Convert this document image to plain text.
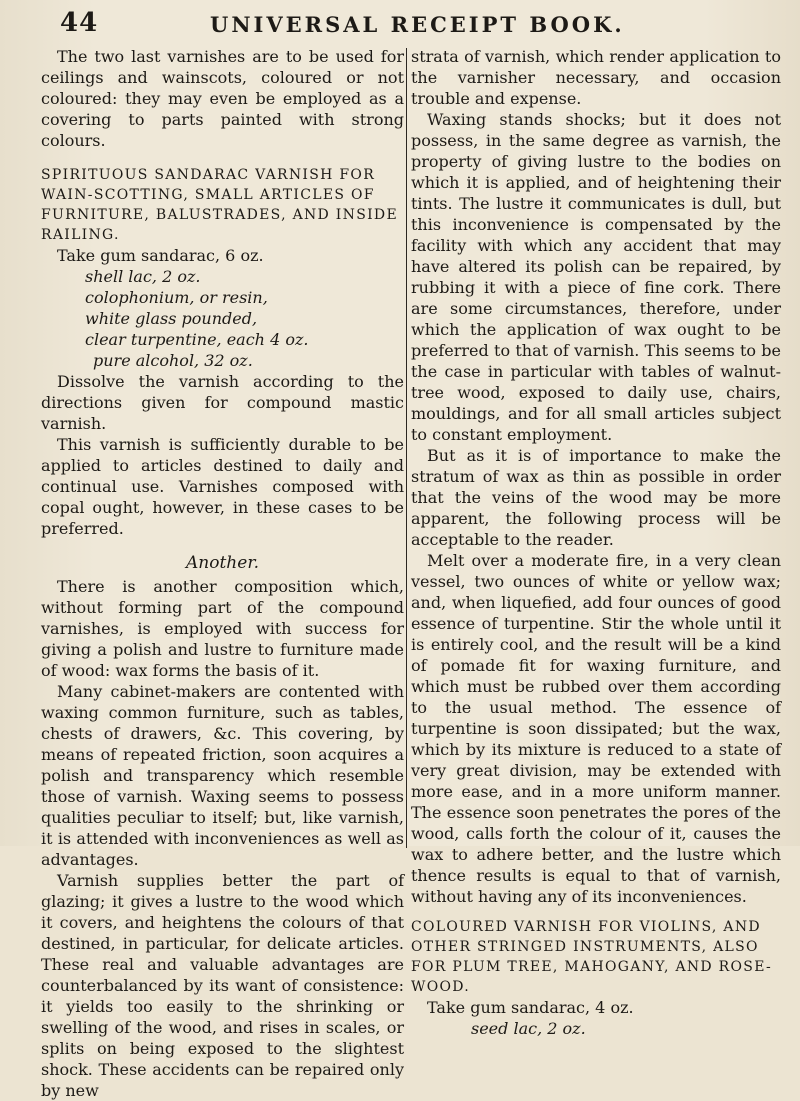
44	UNIVERSAL RECEIPT BOOK.

The two last varnishes are to be used for ceilings and wainscots, coloured or not coloured: they may even be employed as a covering to parts painted with strong colours.

SPIRITUOUS SANDARAC VARNISH FOR WAIN-SCOTTING, SMALL ARTICLES OF FURNITURE, BALUSTRADES, AND INSIDE RAILING.

Take gum sandarac, 6 oz.
shell lac, 2 oz.
colophonium, or resin,
white glass pounded,
clear turpentine, each 4 oz.
pure alcohol, 32 oz.

Dissolve the varnish according to the directions given for compound mastic varnish.

This varnish is sufficiently durable to be applied to articles destined to daily and continual use. Varnishes composed with copal ought, however, in these cases to be preferred.

Another.

There is another composition which, without forming part of the compound varnishes, is employed with success for giving a polish and lustre to furniture made of wood: wax forms the basis of it.

Many cabinet-makers are contented with waxing common furniture, such as tables, chests of drawers, &c. This covering, by means of repeated friction, soon acquires a polish and transparency which resemble those of varnish. Waxing seems to possess qualities peculiar to itself; but, like varnish, it is attended with inconveniences as well as advantages.

Varnish supplies better the part of glazing; it gives a lustre to the wood which it covers, and heightens the colours of that destined, in particular, for delicate articles. These real and valuable advantages are counterbalanced by its want of consistence: it yields too easily to the shrinking or swelling of the wood, and rises in scales, or splits on being exposed to the slightest shock. These accidents can be repaired only by new

strata of varnish, which render application to the varnisher necessary, and occasion trouble and expense.

Waxing stands shocks; but it does not possess, in the same degree as varnish, the property of giving lustre to the bodies on which it is applied, and of heightening their tints. The lustre it communicates is dull, but this inconvenience is compensated by the facility with which any accident that may have altered its polish can be repaired, by rubbing it with a piece of fine cork. There are some circumstances, therefore, under which the application of wax ought to be preferred to that of varnish. This seems to be the case in particular with tables of walnut-tree wood, exposed to daily use, chairs, mouldings, and for all small articles subject to constant employment.

But as it is of importance to make the stratum of wax as thin as possible in order that the veins of the wood may be more apparent, the following process will be acceptable to the reader.

Melt over a moderate fire, in a very clean vessel, two ounces of white or yellow wax; and, when liquefied, add four ounces of good essence of turpentine. Stir the whole until it is entirely cool, and the result will be a kind of pomade fit for waxing furniture, and which must be rubbed over them according to the usual method. The essence of turpentine is soon dissipated; but the wax, which by its mixture is reduced to a state of very great division, may be extended with more ease, and in a more uniform manner. The essence soon penetrates the pores of the wood, calls forth the colour of it, causes the wax to adhere better, and the lustre which thence results is equal to that of varnish, without having any of its inconveniences.

COLOURED VARNISH FOR VIOLINS, AND OTHER STRINGED INSTRUMENTS, ALSO FOR PLUM TREE, MAHOGANY, AND ROSE-WOOD.

Take gum sandarac, 4 oz.
seed lac, 2 oz.
